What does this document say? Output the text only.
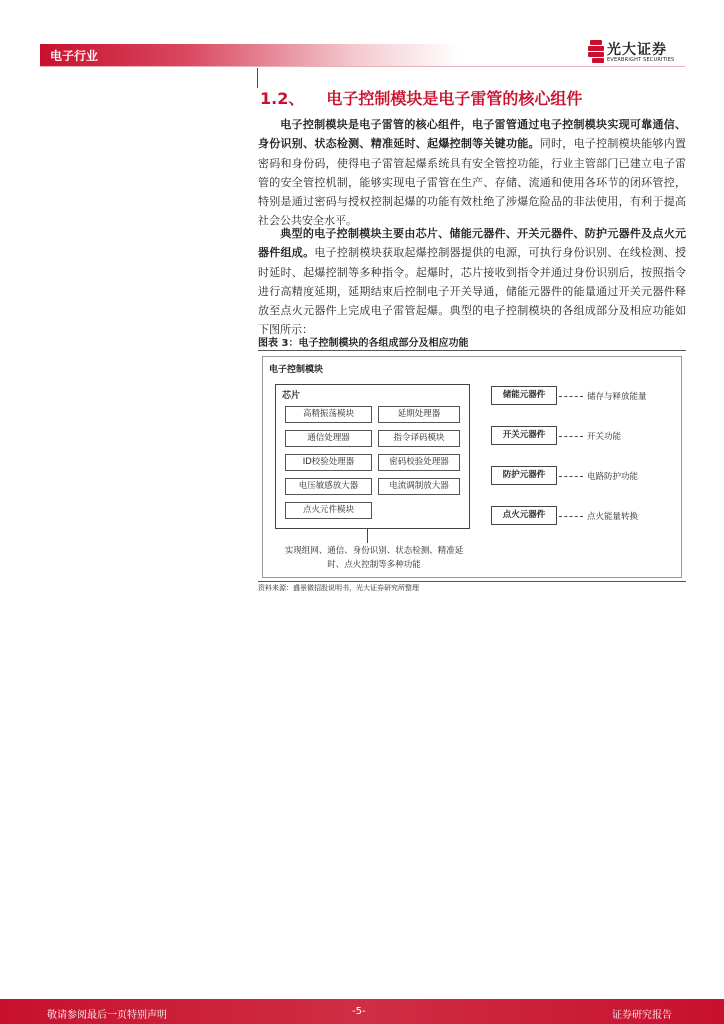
电子行业	光大证券
EVERBRIGHT SECURITIES
1.2、 电子控制模块是电子雷管的核心组件
电子控制模块是电子雷管的核心组件，电子雷管通过电子控制模块实现可靠通信、身份识别、状态检测、精准延时、起爆控制等关键功能。同时，电子控制模块能够内置密码和身份码，使得电子雷管起爆系统具有安全管控功能，行业主管部门已建立电子雷管的安全管控机制，能够实现电子雷管在生产、存储、流通和使用各环节的闭环管控，特别是通过密码与授权控制起爆的功能有效杜绝了涉爆危险品的非法使用，有利于提高社会公共安全水平。
典型的电子控制模块主要由芯片、储能元器件、开关元器件、防护元器件及点火元器件组成。电子控制模块获取起爆控制器提供的电源，可执行身份识别、在线检测、授时延时、起爆控制等多种指令。起爆时，芯片接收到指令并通过身份识别后，按照指令进行高精度延期，延期结束后控制电子开关导通，储能元器件的能量通过开关元器件释放至点火元器件上完成电子雷管起爆。典型的电子控制模块的各组成部分及相应功能如下图所示：
图表 3：电子控制模块的各组成部分及相应功能
电子控制模块
芯片
高精振荡模块	延期处理器
通信处理器	指令译码模块
ID校验处理器	密码校验处理器
电压敏感放大器	电流调制放大器
点火元件模块
实现组网、通信、身份识别、状态检测、精准延时、点火控制等多种功能
储能元器件	储存与释放能量
开关元器件	开关功能
防护元器件	电路防护功能
点火元器件	点火能量转换
资料来源：盛景微招股说明书，光大证券研究所整理
敬请参阅最后一页特别声明	-5-	证券研究报告
